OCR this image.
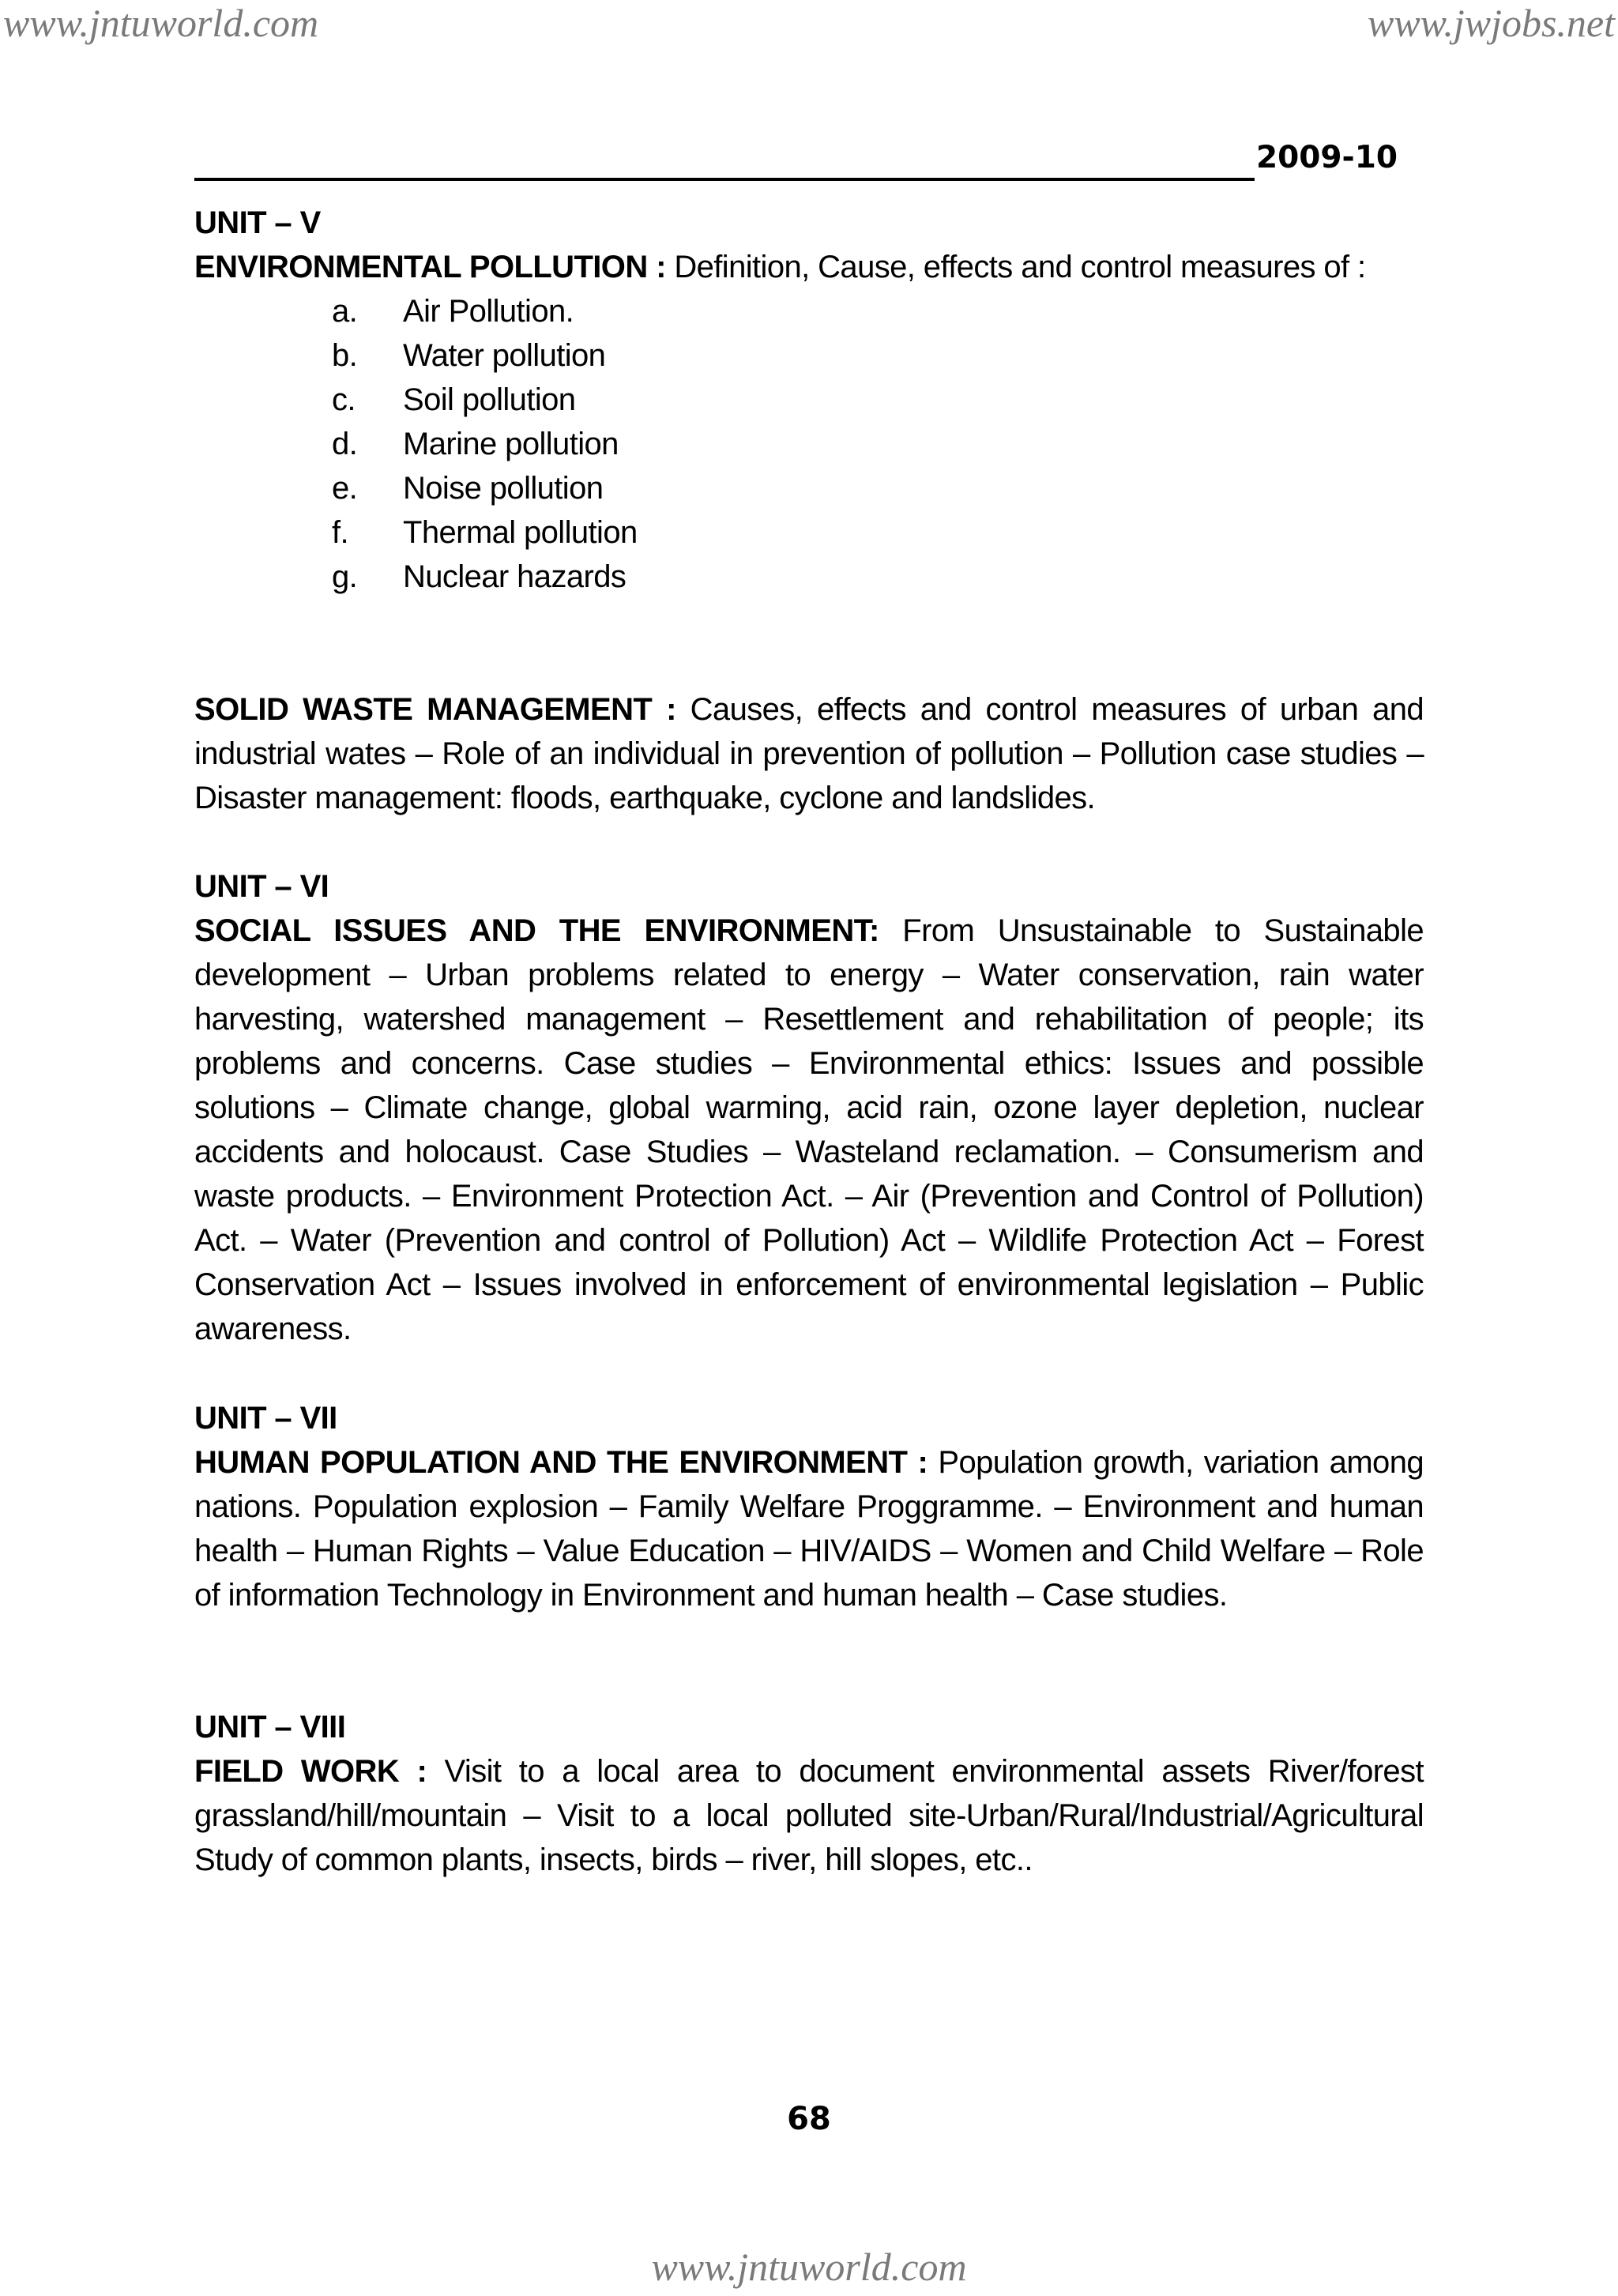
www.jntuworld.com	www.jwjobs.net
2009-10

UNIT – V

ENVIRONMENTAL POLLUTION : Definition, Cause, effects and control measures of :

a. Air Pollution.
b. Water pollution
c. Soil pollution
d. Marine pollution
e. Noise pollution
f. Thermal pollution
g. Nuclear hazards

SOLID WASTE MANAGEMENT : Causes, effects and control measures of urban and industrial wates – Role of an individual in prevention of pollution – Pollution case studies – Disaster management: floods, earthquake, cyclone and landslides.

UNIT – VI

SOCIAL ISSUES AND THE ENVIRONMENT: From Unsustainable to Sustainable development – Urban problems related to energy – Water conservation, rain water harvesting, watershed management – Resettlement and rehabilitation of people; its problems and concerns. Case studies – Environmental ethics: Issues and possible solutions – Climate change, global warming, acid rain, ozone layer depletion, nuclear accidents and holocaust. Case Studies – Wasteland reclamation. – Consumerism and waste products. – Environment Protection Act. – Air (Prevention and Control of Pollution) Act. – Water (Prevention and control of Pollution) Act – Wildlife Protection Act – Forest Conservation Act – Issues involved in enforcement of environmental legislation – Public awareness.

UNIT – VII

HUMAN POPULATION AND THE ENVIRONMENT : Population growth, variation among nations. Population explosion – Family Welfare Proggramme. – Environment and human health – Human Rights – Value Education – HIV/AIDS – Women and Child Welfare – Role of information Technology in Environment and human health – Case studies.

UNIT – VIII

FIELD WORK : Visit to a local area to document environmental assets River/forest grassland/hill/mountain – Visit to a local polluted site-Urban/Rural/Industrial/Agricultural Study of common plants, insects, birds – river, hill slopes, etc..

68
www.jntuworld.com
